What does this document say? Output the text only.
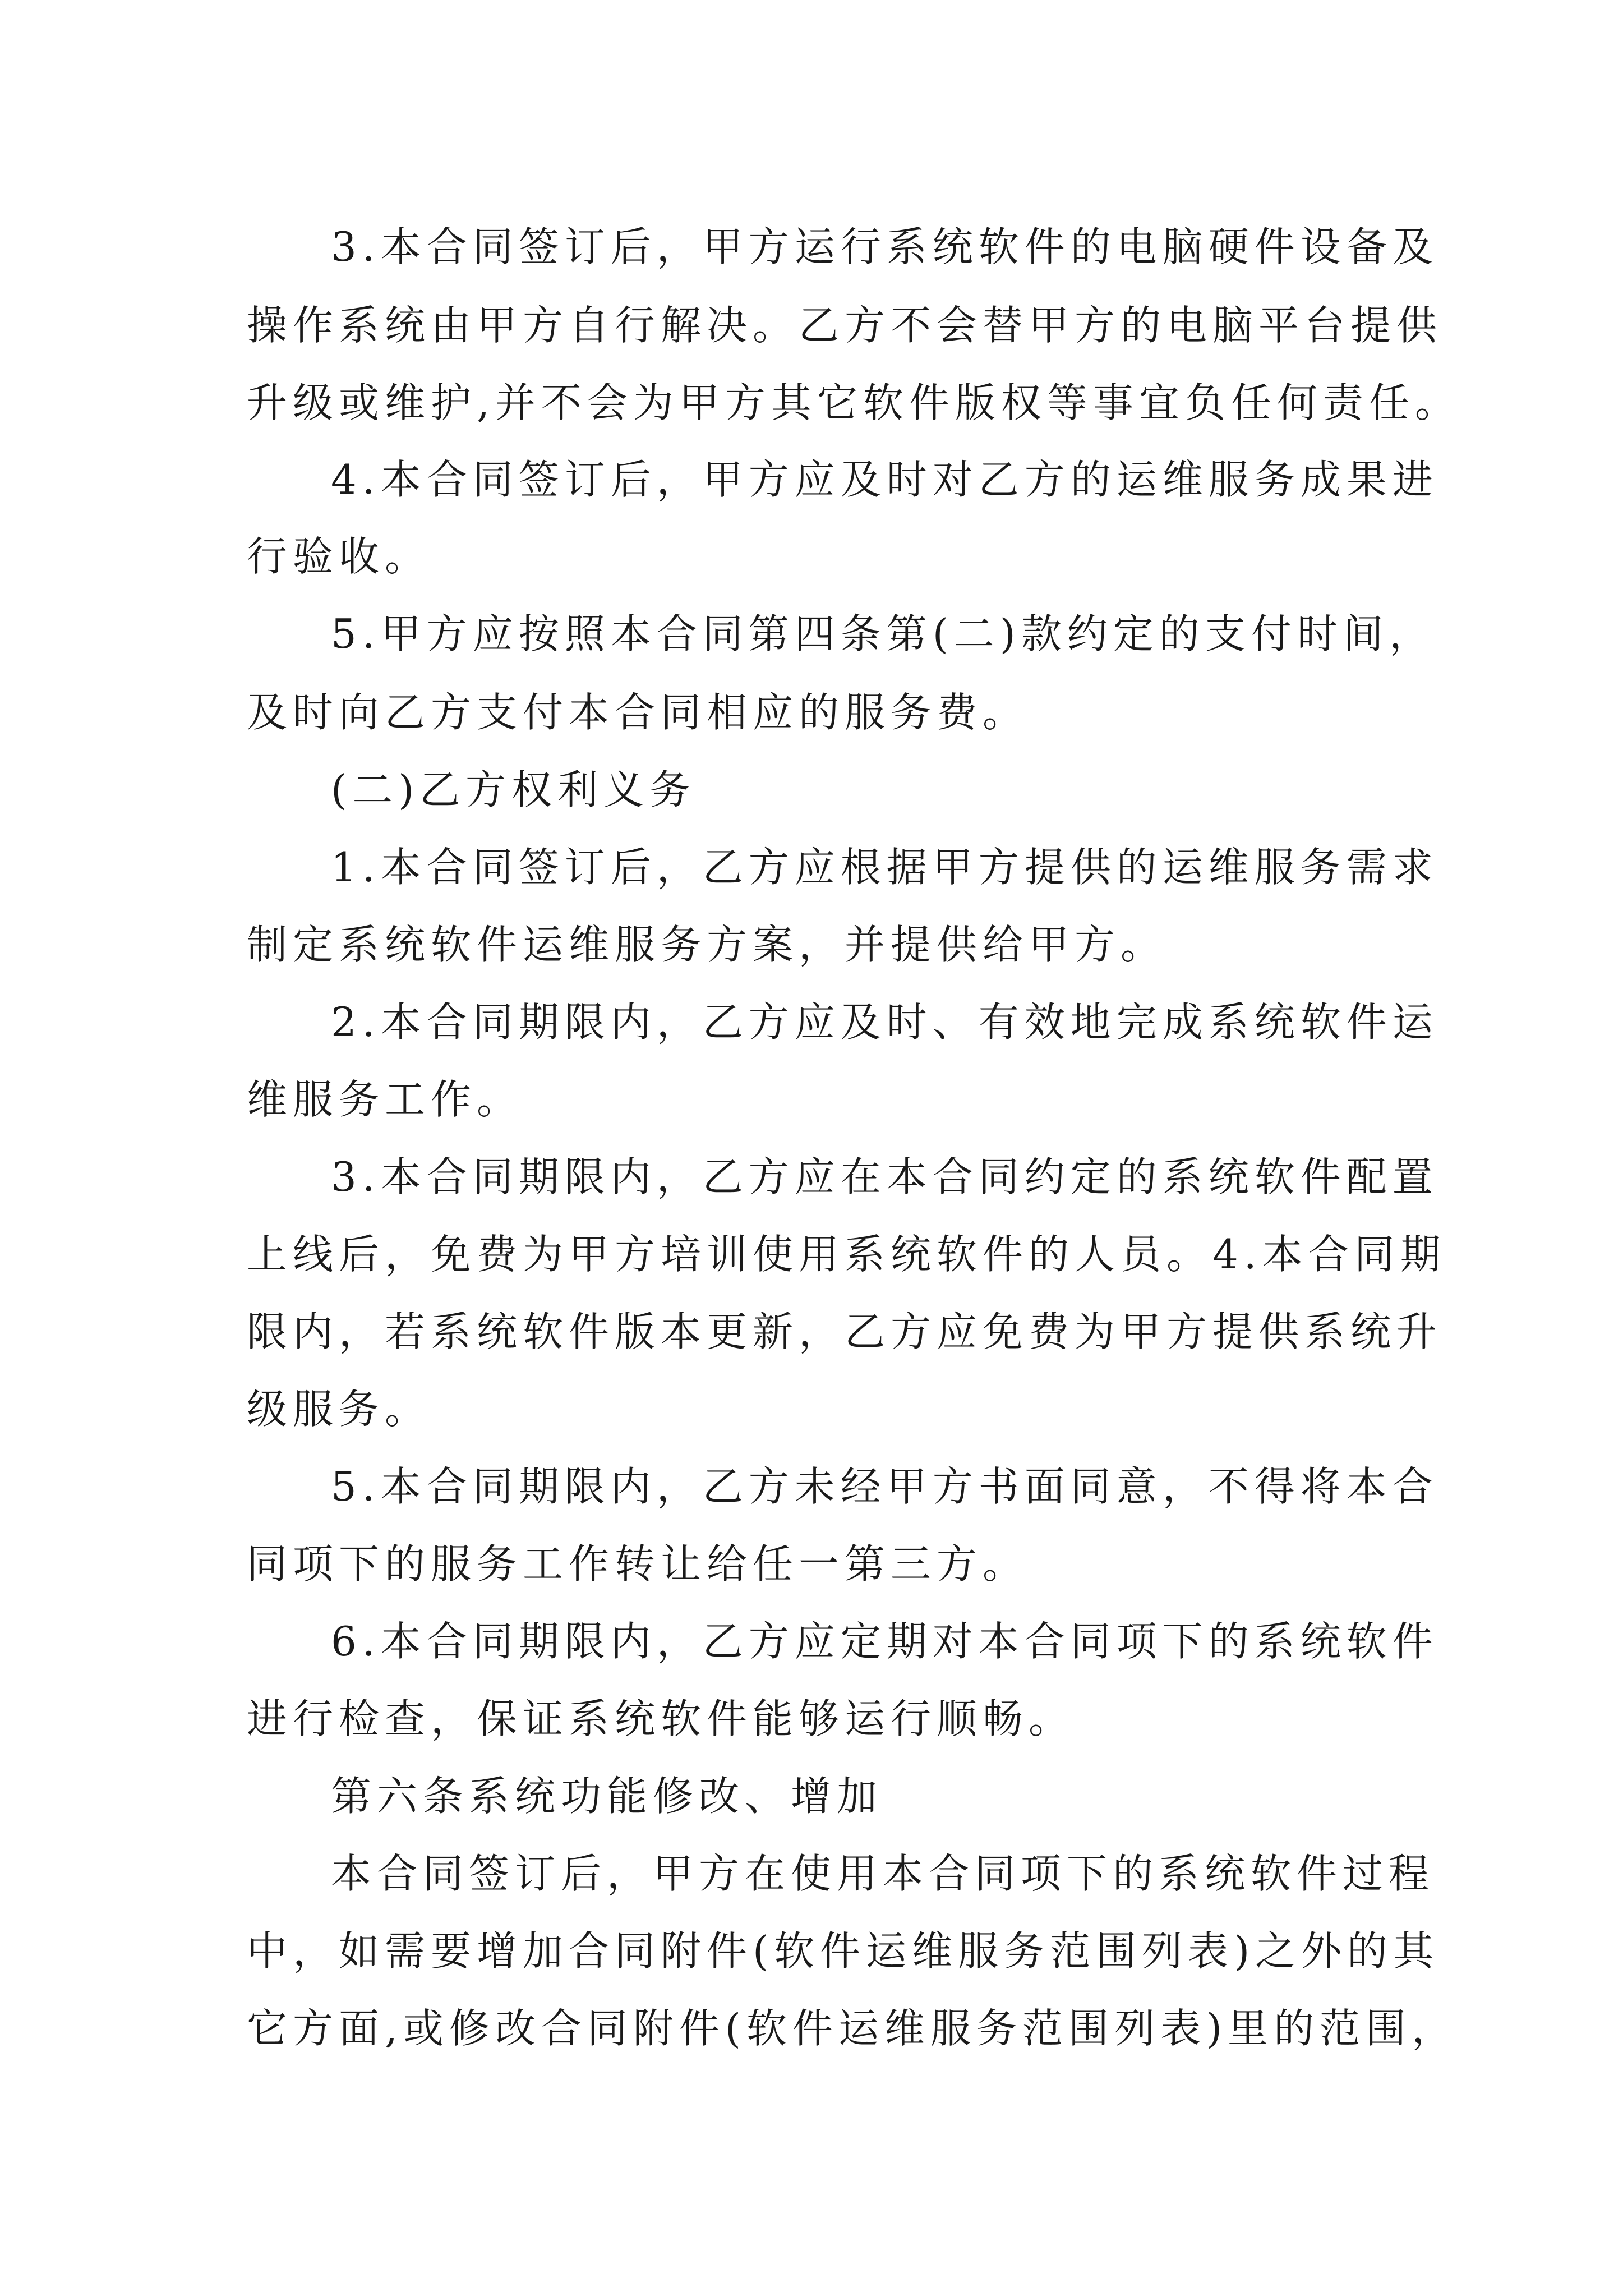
3.本合同签订后，甲方运行系统软件的电脑硬件设备及

操作系统由甲方自行解决。乙方不会替甲方的电脑平台提供

升级或维护,并不会为甲方其它软件版权等事宜负任何责任。

4.本合同签订后，甲方应及时对乙方的运维服务成果进

行验收。

5.甲方应按照本合同第四条第(二)款约定的支付时间，

及时向乙方支付本合同相应的服务费。

(二)乙方权利义务

1.本合同签订后，乙方应根据甲方提供的运维服务需求

制定系统软件运维服务方案，并提供给甲方。

2.本合同期限内，乙方应及时、有效地完成系统软件运

维服务工作。

3.本合同期限内，乙方应在本合同约定的系统软件配置

上线后，免费为甲方培训使用系统软件的人员。4.本合同期

限内，若系统软件版本更新，乙方应免费为甲方提供系统升

级服务。

5.本合同期限内，乙方未经甲方书面同意，不得将本合

同项下的服务工作转让给任一第三方。

6.本合同期限内，乙方应定期对本合同项下的系统软件

进行检查，保证系统软件能够运行顺畅。

第六条系统功能修改、增加

本合同签订后，甲方在使用本合同项下的系统软件过程

中，如需要增加合同附件(软件运维服务范围列表)之外的其

它方面,或修改合同附件(软件运维服务范围列表)里的范围，
